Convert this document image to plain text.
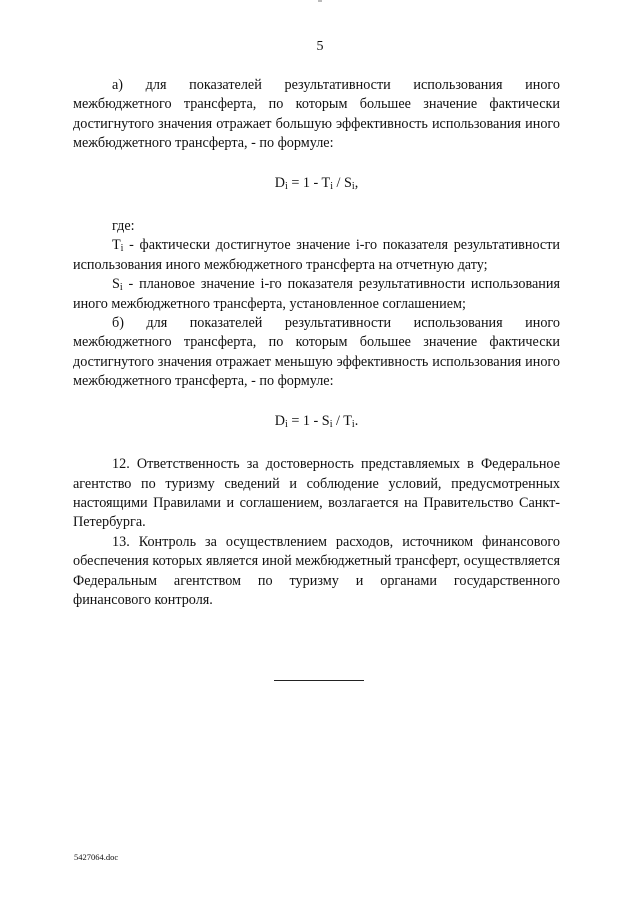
5

а) для показателей результативности использования иного межбюджетного трансферта, по которым большее значение фактически достигнутого значения отражает большую эффективность использования иного межбюджетного трансферта, - по формуле:

$D_i = 1 - T_i / S_i$,

где:

$T_i$ - фактически достигнутое значение i-го показателя результативности использования иного межбюджетного трансферта на отчетную дату;

$S_i$ - плановое значение i-го показателя результативности использования иного межбюджетного трансферта, установленное соглашением;

б) для показателей результативности использования иного межбюджетного трансферта, по которым большее значение фактически достигнутого значения отражает меньшую эффективность использования иного межбюджетного трансферта, - по формуле:

$D_i = 1 - S_i / T_i$.

12. Ответственность за достоверность представляемых в Федеральное агентство по туризму сведений и соблюдение условий, предусмотренных настоящими Правилами и соглашением, возлагается на Правительство Санкт-Петербурга.

13. Контроль за осуществлением расходов, источником финансового обеспечения которых является иной межбюджетный трансферт, осуществляется Федеральным агентством по туризму и органами государственного финансового контроля.

5427064.doc
